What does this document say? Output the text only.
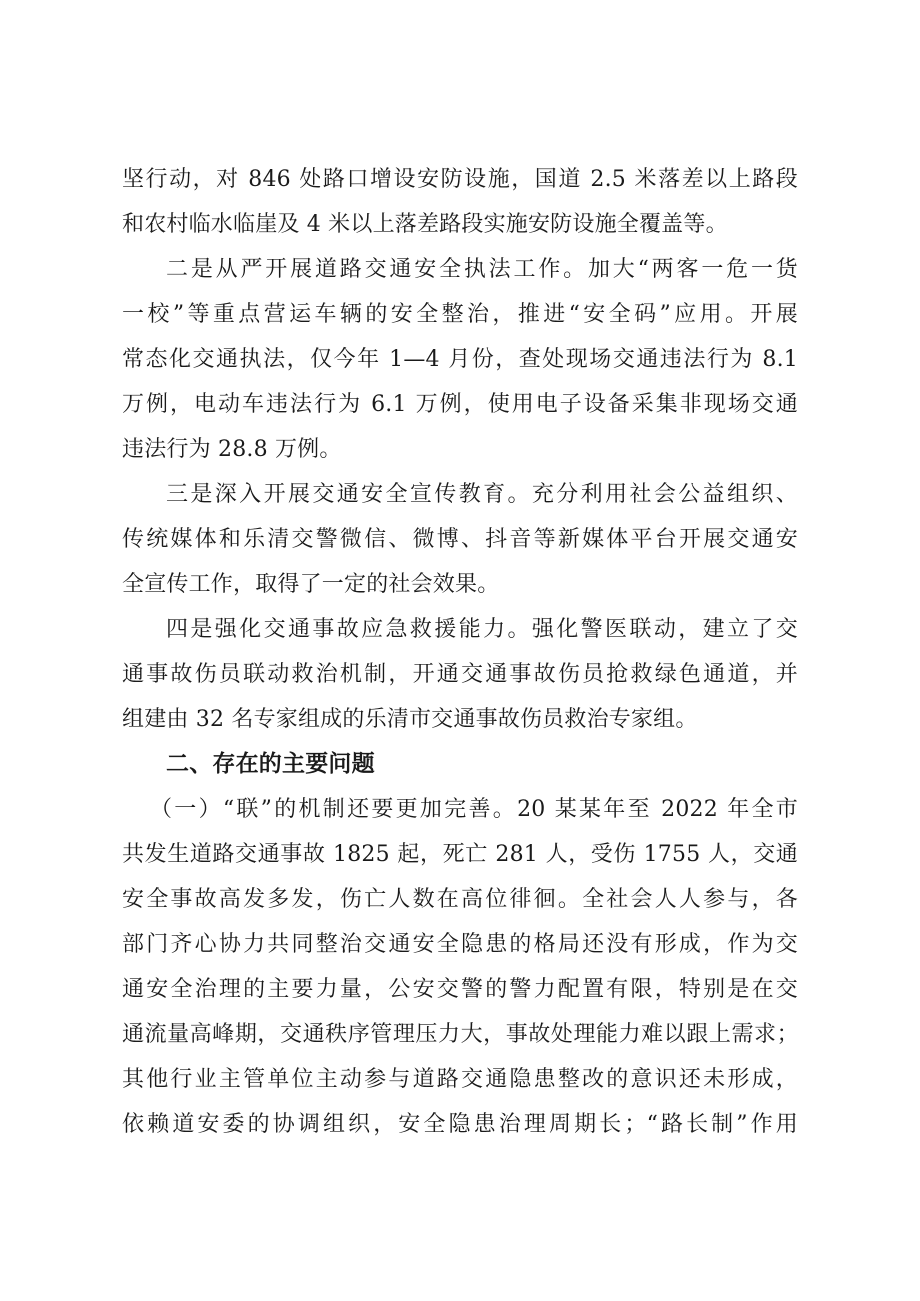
坚行动，对 846 处路口增设安防设施，国道 2.5 米落差以上路段
和农村临水临崖及 4 米以上落差路段实施安防设施全覆盖等。
二是从严开展道路交通安全执法工作。加大“两客一危一货
一校”等重点营运车辆的安全整治，推进“安全码”应用。开展
常态化交通执法，仅今年 1—4 月份，查处现场交通违法行为 8.1
万例，电动车违法行为 6.1 万例，使用电子设备采集非现场交通
违法行为 28.8 万例。
三是深入开展交通安全宣传教育。充分利用社会公益组织、
传统媒体和乐清交警微信、微博、抖音等新媒体平台开展交通安
全宣传工作，取得了一定的社会效果。
四是强化交通事故应急救援能力。强化警医联动，建立了交
通事故伤员联动救治机制，开通交通事故伤员抢救绿色通道，并
组建由 32 名专家组成的乐清市交通事故伤员救治专家组。
二、存在的主要问题
（一）“联”的机制还要更加完善。20 某某年至 2022 年全市
共发生道路交通事故 1825 起，死亡 281 人，受伤 1755 人，交通
安全事故高发多发，伤亡人数在高位徘徊。全社会人人参与，各
部门齐心协力共同整治交通安全隐患的格局还没有形成，作为交
通安全治理的主要力量，公安交警的警力配置有限，特别是在交
通流量高峰期，交通秩序管理压力大，事故处理能力难以跟上需求；
其他行业主管单位主动参与道路交通隐患整改的意识还未形成，
依赖道安委的协调组织，安全隐患治理周期长；“路长制”作用
